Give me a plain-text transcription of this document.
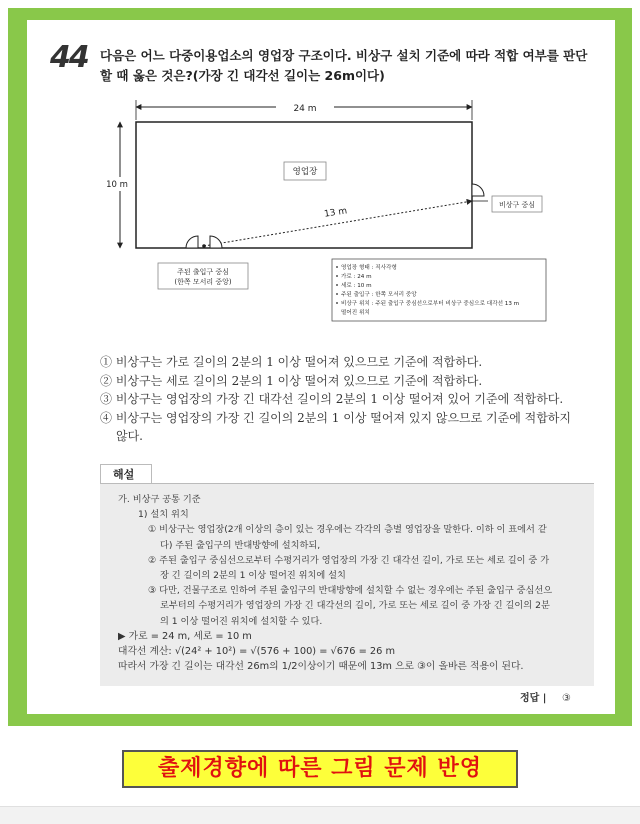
44 다음은 어느 다중이용업소의 영업장 구조이다. 비상구 설치 기준에 따라 적합 여부를 판단할 때 옳은 것은?(가장 긴 대각선 길이는 26m이다)
24 m
10 m
영업장
13 m
비상구 중심
주된 출입구 중심
(한쪽 모서리 중앙)
영업장 형태 : 직사각형
가로 : 24 m
세로 : 10 m
주된 출입구 : 한쪽 모서리 중앙
비상구 위치 : 주된 출입구 중심선으로부터 비상구 중심으로 대각선 13 m
떨어진 위치
① 비상구는 가로 길이의 2분의 1 이상 떨어져 있으므로 기준에 적합하다.
② 비상구는 세로 길이의 2분의 1 이상 떨어져 있으므로 기준에 적합하다.
③ 비상구는 영업장의 가장 긴 대각선 길이의 2분의 1 이상 떨어져 있어 기준에 적합하다.
④ 비상구는 영업장의 가장 긴 길이의 2분의 1 이상 떨어져 있지 않으므로 기준에 적합하지
않다.
해설
가. 비상구 공통 기준
1) 설치 위치
① 비상구는 영업장(2개 이상의 층이 있는 경우에는 각각의 층별 영업장을 말한다. 이하 이 표에서 같
다) 주된 출입구의 반대방향에 설치하되,
② 주된 출입구 중심선으로부터 수평거리가 영업장의 가장 긴 대각선 길이, 가로 또는 세로 길이 중 가
장 긴 길이의 2분의 1 이상 떨어진 위치에 설치
③ 다만, 건물구조로 인하여 주된 출입구의 반대방향에 설치할 수 없는 경우에는 주된 출입구 중심선으
로부터의 수평거리가 영업장의 가장 긴 대각선의 길이, 가로 또는 세로 길이 중 가장 긴 길이의 2분
의 1 이상 떨어진 위치에 설치할 수 있다.
▶ 가로 = 24 m, 세로 = 10 m
대각선 계산: √(24² + 10²) = √(576 + 100) = √676 = 26 m
따라서 가장 긴 길이는 대각선 26m의 1/2이상이기 때문에 13m 으로 ③이 올바른 적용이 된다.
정답 | ③
출제경향에 따른 그림 문제 반영
